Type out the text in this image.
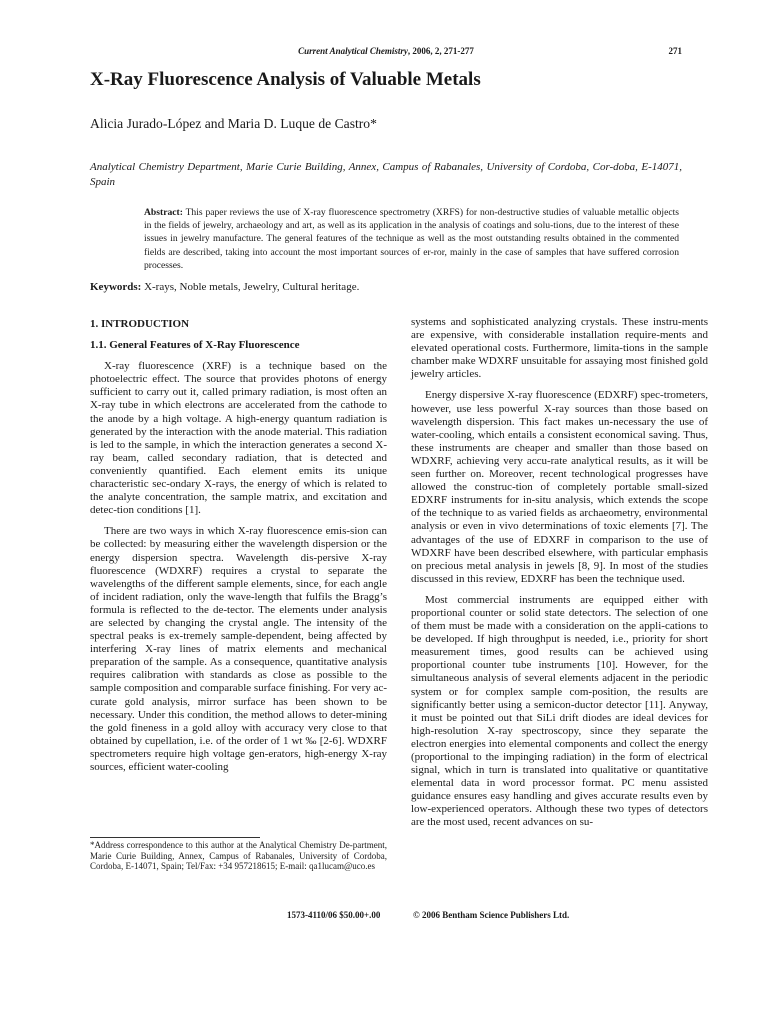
Current Analytical Chemistry, 2006, 2, 271-277	271
X-Ray Fluorescence Analysis of Valuable Metals
Alicia Jurado-López and Maria D. Luque de Castro*
Analytical Chemistry Department, Marie Curie Building, Annex, Campus of Rabanales, University of Cordoba, Cor-doba, E-14071, Spain
Abstract: This paper reviews the use of X-ray fluorescence spectrometry (XRFS) for non-destructive studies of valuable metallic objects in the fields of jewelry, archaeology and art, as well as its application in the analysis of coatings and solu-tions, due to the interest of these issues in jewelry manufacture. The general features of the technique as well as the most outstanding results obtained in the commented fields are described, taking into account the most important sources of er-ror, mainly in the case of samples that have suffered corrosion processes.
Keywords: X-rays, Noble metals, Jewelry, Cultural heritage.
1. INTRODUCTION
1.1. General Features of X-Ray Fluorescence

X-ray fluorescence (XRF) is a technique based on the photoelectric effect. The source that provides photons of energy sufficient to carry out it, called primary radiation, is most often an X-ray tube in which electrons are accelerated from the cathode to the anode by a high voltage. A high-energy quantum radiation is generated by the interaction with the anode material. This radiation is led to the sample, in which the interaction generates a second X-ray beam, called secondary radiation, that is detected and conveniently quantified. Each element emits its unique characteristic sec-ondary X-rays, the energy of which is related to the analyte concentration, the sample matrix, and excitation and detec-tion conditions [1].

There are two ways in which X-ray fluorescence emis-sion can be collected: by measuring either the wavelength dispersion or the energy dispersion spectra. Wavelength dis-persive X-ray fluorescence (WDXRF) requires a crystal to separate the wavelengths of the different sample elements, since, for each angle of incident radiation, only the wave-length that fulfils the Bragg’s formula is reflected to the de-tector. The elements under analysis are selected by changing the crystal angle. The intensity of the spectral peaks is ex-tremely sample-dependent, being affected by interfering X-ray lines of matrix elements and mechanical preparation of the sample. As a consequence, quantitative analysis requires calibration with standards as close as possible to the sample composition and comparable surface finishing. For very ac-curate gold analysis, mirror surface has been shown to be necessary. Under this condition, the method allows to deter-mining the gold fineness in a gold alloy with accuracy very close to that obtained by cupellation, i.e. of the order of 1 wt ‰ [2-6]. WDXRF spectrometers require high voltage gen-erators, high-energy X-ray sources, efficient water-cooling

systems and sophisticated analyzing crystals. These instru-ments are expensive, with considerable installation require-ments and elevated operational costs. Furthermore, limita-tions in the sample chamber make WDXRF unsuitable for assaying most finished gold jewelry articles.

Energy dispersive X-ray fluorescence (EDXRF) spec-trometers, however, use less powerful X-ray sources than those based on wavelength dispersion. This fact makes un-necessary the use of water-cooling, which entails a consistent economical saving. Thus, these instruments are cheaper and smaller than those based on WDXRF, achieving very accu-rate analytical results, as it will be seen further on. Moreover, recent technological progresses have allowed the construc-tion of completely portable small-sized EDXRF instruments for in-situ analysis, which extends the scope of the technique to as varied fields as archaeometry, environmental analysis or even in vivo determinations of toxic elements [7]. The advantages of the use of EDXRF in comparison to the use of WDXRF have been described elsewhere, with particular emphasis on precious metal analysis in jewels [8, 9]. In most of the studies discussed in this review, EDXRF has been the technique used.

Most commercial instruments are equipped either with proportional counter or solid state detectors. The selection of one of them must be made with a consideration on the appli-cations to be developed. If high throughput is needed, i.e., priority for short measurement times, good results can be achieved using proportional counter tube instruments [10]. However, for the simultaneous analysis of several elements adjacent in the periodic system or for complex sample com-position, the results are significantly better using a semicon-ductor detector [11]. Anyway, it must be pointed out that SiLi drift diodes are ideal devices for high-resolution X-ray spectroscopy, since they separate the electron energies into elemental components and collect the energy (proportional to the impinging radiation) in the form of electrical signal, which in turn is translated into qualitative or quantitative elemental data in word processor format. PC menu assisted guidance ensures easy handling and gives accurate results even by low-experienced operators. Although these two types of detectors are the most used, recent advances on su-

*Address correspondence to this author at the Analytical Chemistry De-partment, Marie Curie Building, Annex, Campus of Rabanales, University of Cordoba, Cordoba, E-14071, Spain; Tel/Fax: +34 957218615; E-mail: qa1lucam@uco.es
1573-4110/06 $50.00+.00	© 2006 Bentham Science Publishers Ltd.
